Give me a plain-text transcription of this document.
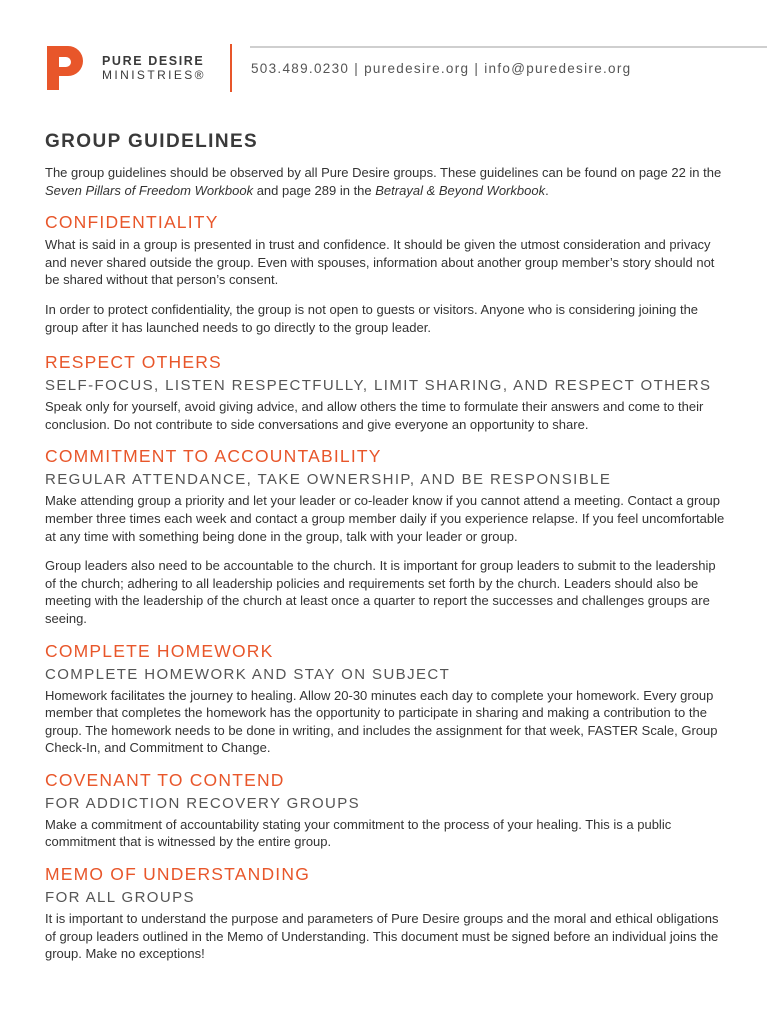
PURE DESIRE
MINISTRIES®	503.489.0230 | puredesire.org | info@puredesire.org
GROUP GUIDELINES

The group guidelines should be observed by all Pure Desire groups. These guidelines can be found on page 22 in the Seven Pillars of Freedom Workbook and page 289 in the Betrayal & Beyond Workbook.

CONFIDENTIALITY

What is said in a group is presented in trust and confidence. It should be given the utmost consideration and privacy and never shared outside the group. Even with spouses, information about another group member’s story should not be shared without that person’s consent.

In order to protect confidentiality, the group is not open to guests or visitors. Anyone who is considering joining the group after it has launched needs to go directly to the group leader.

RESPECT OTHERS
SELF-FOCUS, LISTEN RESPECTFULLY, LIMIT SHARING, AND RESPECT OTHERS

Speak only for yourself, avoid giving advice, and allow others the time to formulate their answers and come to their conclusion. Do not contribute to side conversations and give everyone an opportunity to share.

COMMITMENT TO ACCOUNTABILITY
REGULAR ATTENDANCE, TAKE OWNERSHIP, AND BE RESPONSIBLE

Make attending group a priority and let your leader or co-leader know if you cannot attend a meeting. Contact a group member three times each week and contact a group member daily if you experience relapse. If you feel uncomfortable at any time with something being done in the group, talk with your leader or group.

Group leaders also need to be accountable to the church. It is important for group leaders to submit to the leadership of the church; adhering to all leadership policies and requirements set forth by the church. Leaders should also be meeting with the leadership of the church at least once a quarter to report the successes and challenges groups are seeing.

COMPLETE HOMEWORK
COMPLETE HOMEWORK AND STAY ON SUBJECT

Homework facilitates the journey to healing. Allow 20-30 minutes each day to complete your homework. Every group member that completes the homework has the opportunity to participate in sharing and making a contribution to the group. The homework needs to be done in writing, and includes the assignment for that week, FASTER Scale, Group Check-In, and Commitment to Change.

COVENANT TO CONTEND
FOR ADDICTION RECOVERY GROUPS

Make a commitment of accountability stating your commitment to the process of your healing. This is a public commitment that is witnessed by the entire group.

MEMO OF UNDERSTANDING
FOR ALL GROUPS

It is important to understand the purpose and parameters of Pure Desire groups and the moral and ethical obligations of group leaders outlined in the Memo of Understanding. This document must be signed before an individual joins the group. Make no exceptions!
